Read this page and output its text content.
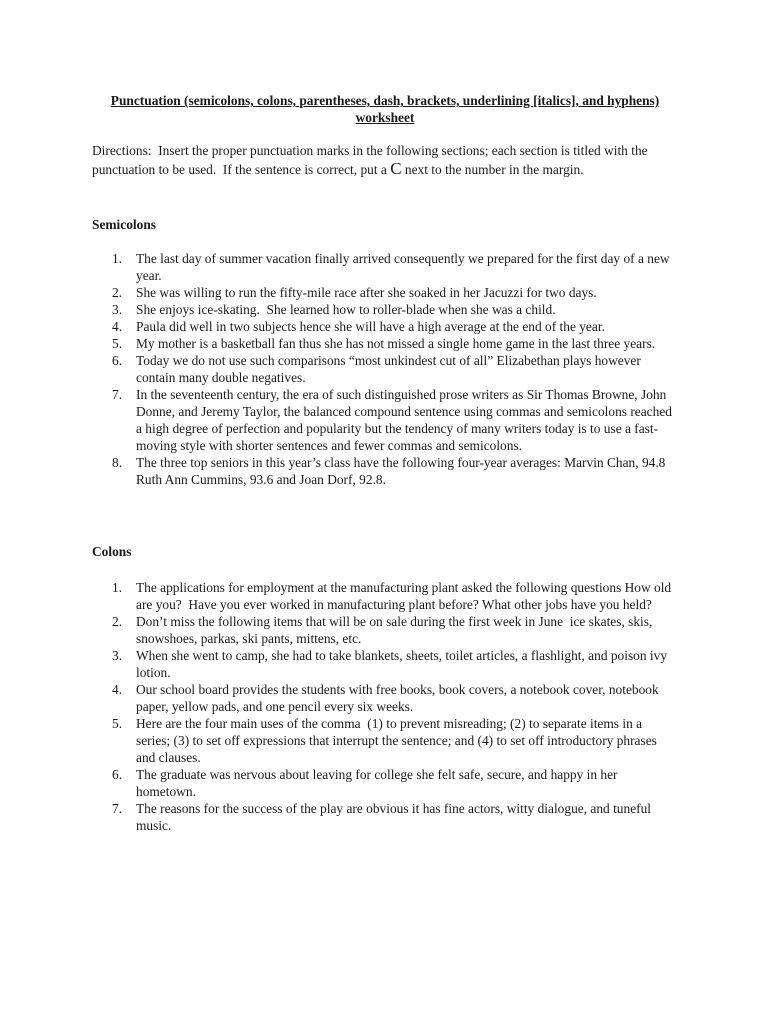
Punctuation (semicolons, colons, parentheses, dash, brackets, underlining [italics], and hyphens) worksheet
Directions:  Insert the proper punctuation marks in the following sections; each section is titled with the punctuation to be used.  If the sentence is correct, put a C next to the number in the margin.
Semicolons
1. The last day of summer vacation finally arrived consequently we prepared for the first day of a new year.
2. She was willing to run the fifty-mile race after she soaked in her Jacuzzi for two days.
3. She enjoys ice-skating.  She learned how to roller-blade when she was a child.
4. Paula did well in two subjects hence she will have a high average at the end of the year.
5. My mother is a basketball fan thus she has not missed a single home game in the last three years.
6. Today we do not use such comparisons “most unkindest cut of all” Elizabethan plays however contain many double negatives.
7. In the seventeenth century, the era of such distinguished prose writers as Sir Thomas Browne, John Donne, and Jeremy Taylor, the balanced compound sentence using commas and semicolons reached a high degree of perfection and popularity but the tendency of many writers today is to use a fast-moving style with shorter sentences and fewer commas and semicolons.
8. The three top seniors in this year’s class have the following four-year averages: Marvin Chan, 94.8 Ruth Ann Cummins, 93.6 and Joan Dorf, 92.8.
Colons
1. The applications for employment at the manufacturing plant asked the following questions How old are you?  Have you ever worked in manufacturing plant before? What other jobs have you held?
2. Don’t miss the following items that will be on sale during the first week in June  ice skates, skis, snowshoes, parkas, ski pants, mittens, etc.
3. When she went to camp, she had to take blankets, sheets, toilet articles, a flashlight, and poison ivy lotion.
4. Our school board provides the students with free books, book covers, a notebook cover, notebook paper, yellow pads, and one pencil every six weeks.
5. Here are the four main uses of the comma  (1) to prevent misreading; (2) to separate items in a series; (3) to set off expressions that interrupt the sentence; and (4) to set off introductory phrases and clauses.
6. The graduate was nervous about leaving for college she felt safe, secure, and happy in her hometown.
7. The reasons for the success of the play are obvious it has fine actors, witty dialogue, and tuneful music.
